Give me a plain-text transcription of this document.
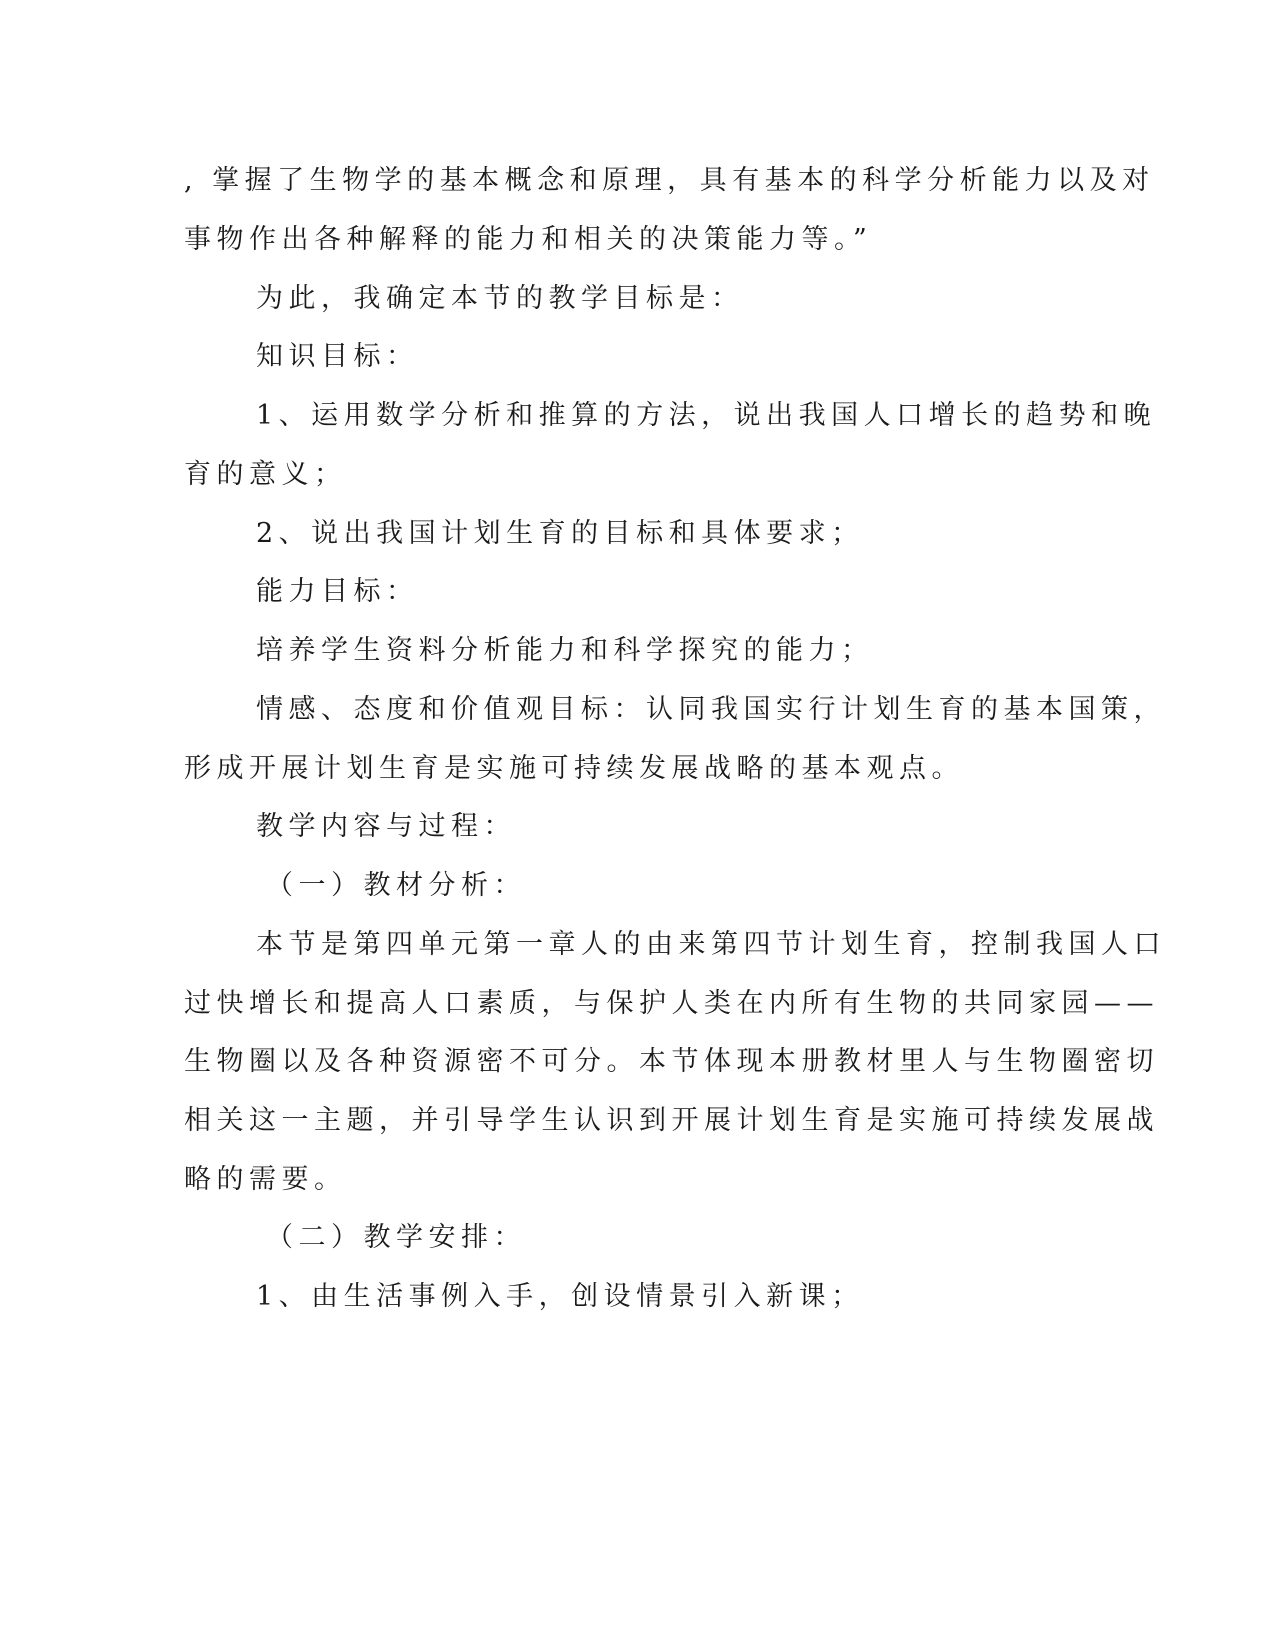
, 掌握了生物学的基本概念和原理，具有基本的科学分析能力以及对
事物作出各种解释的能力和相关的决策能力等。”
为此，我确定本节的教学目标是：
知识目标：
1、运用数学分析和推算的方法，说出我国人口增长的趋势和晚
育的意义；
2、说出我国计划生育的目标和具体要求；
能力目标：
培养学生资料分析能力和科学探究的能力；
情感、态度和价值观目标：认同我国实行计划生育的基本国策，
形成开展计划生育是实施可持续发展战略的基本观点。
教学内容与过程：
（一）教材分析：
本节是第四单元第一章人的由来第四节计划生育，控制我国人口
过快增长和提高人口素质，与保护人类在内所有生物的共同家园——
生物圈以及各种资源密不可分。本节体现本册教材里人与生物圈密切
相关这一主题，并引导学生认识到开展计划生育是实施可持续发展战
略的需要。
（二）教学安排：
1、由生活事例入手，创设情景引入新课；
